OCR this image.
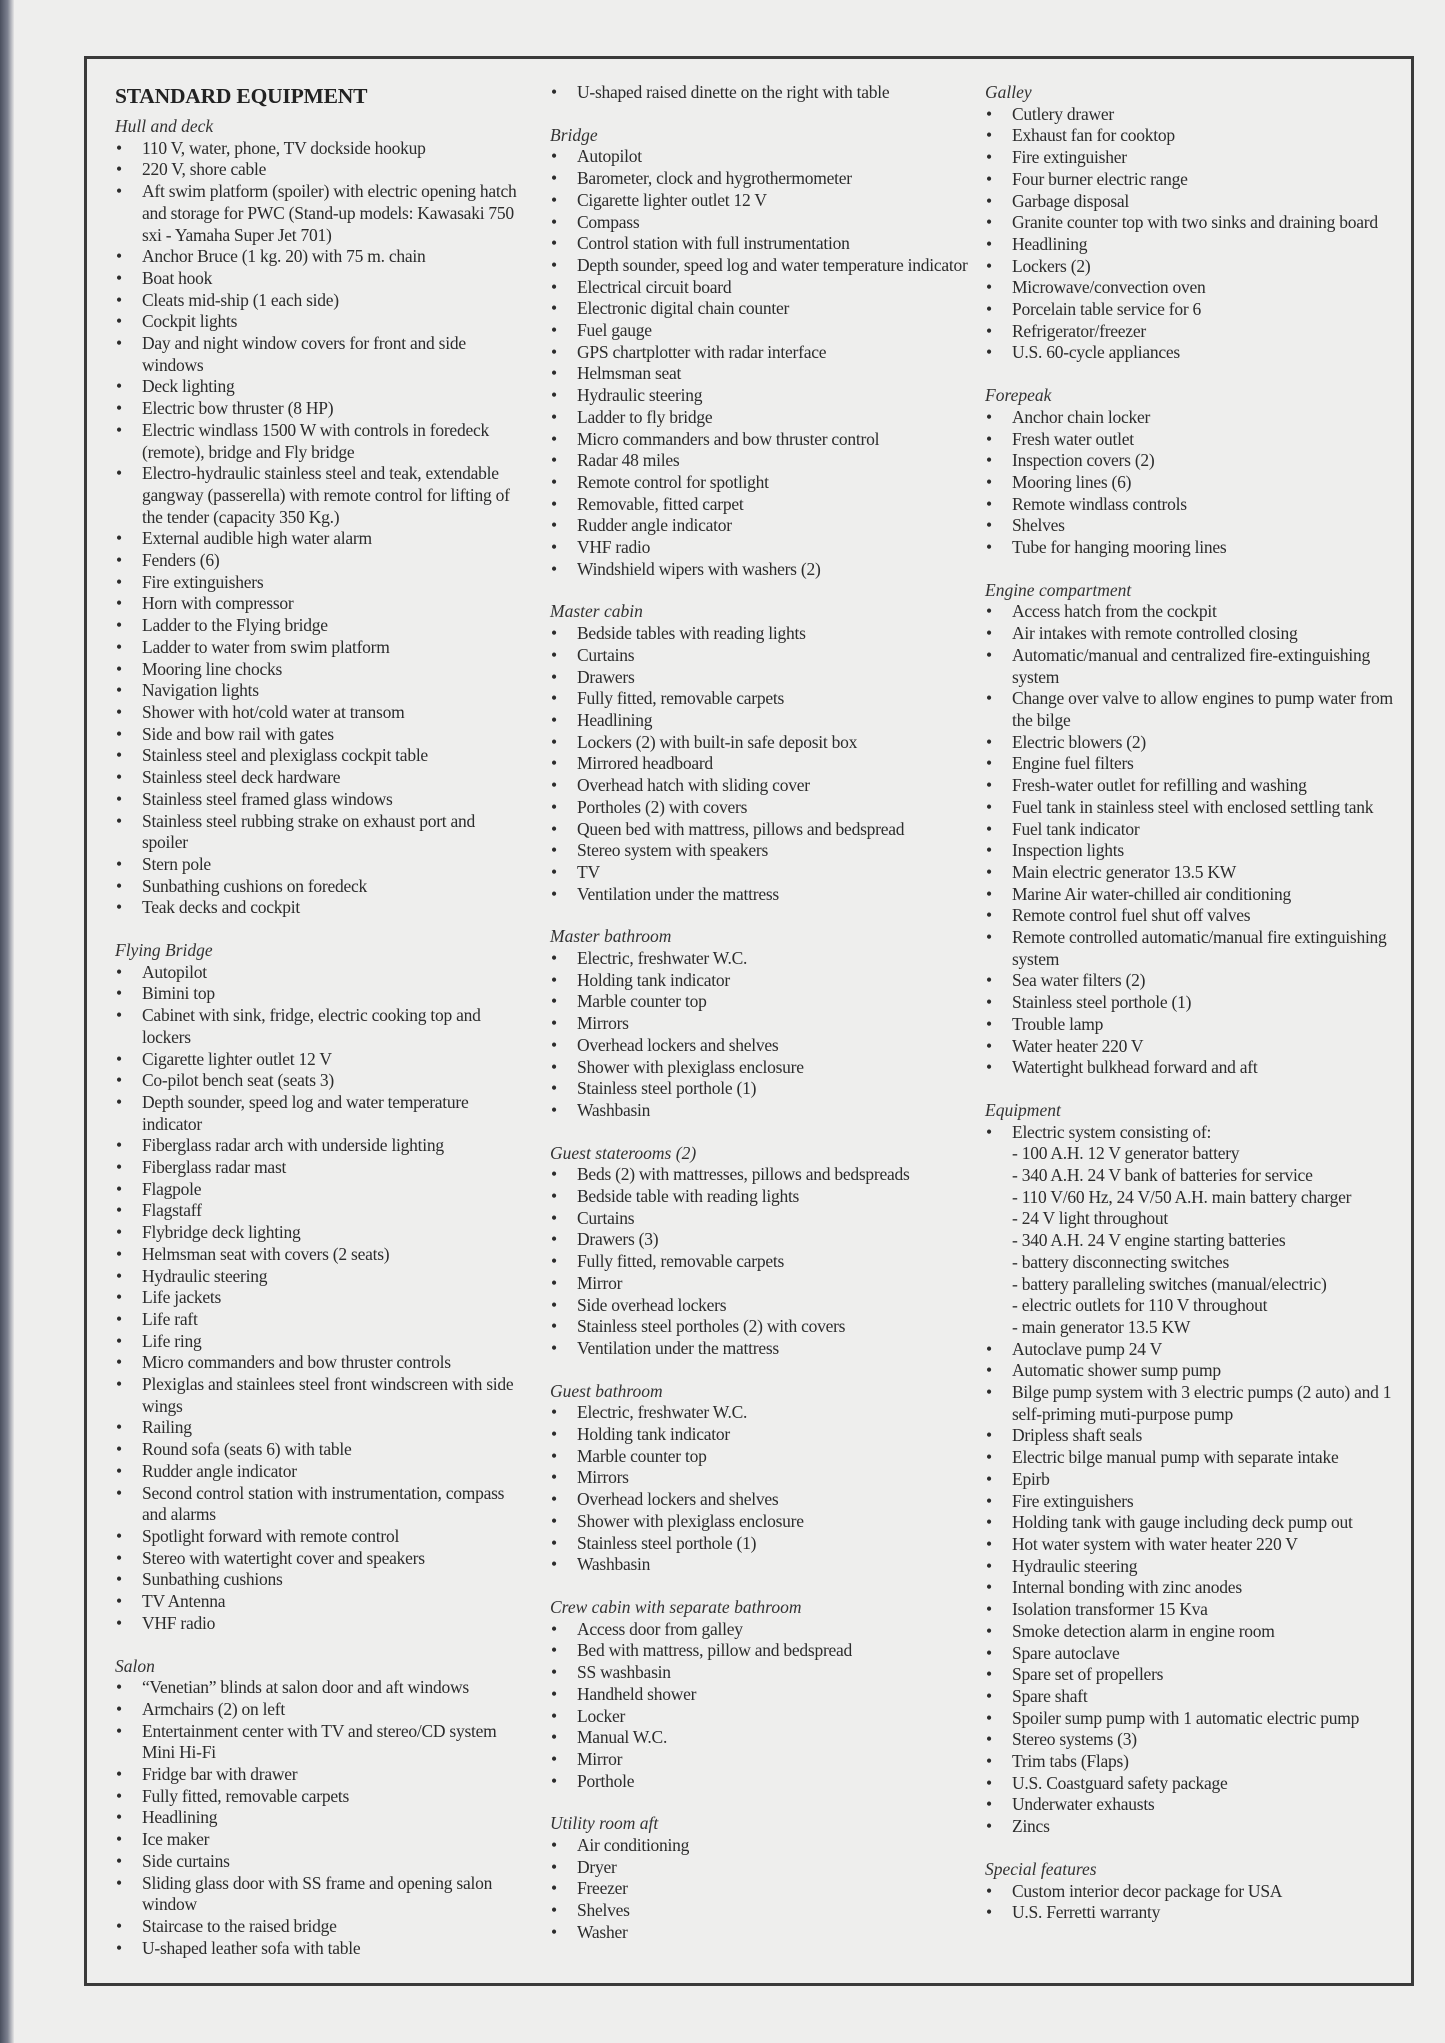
STANDARD EQUIPMENT
Hull and deck
• 110 V, water, phone, TV dockside hookup
• 220 V, shore cable
• Aft swim platform (spoiler) with electric opening hatch and storage for PWC (Stand-up models: Kawasaki 750 sxi - Yamaha Super Jet 701)
• Anchor Bruce (1 kg. 20) with 75 m. chain
• Boat hook
• Cleats mid-ship (1 each side)
• Cockpit lights
• Day and night window covers for front and side windows
• Deck lighting
• Electric bow thruster (8 HP)
• Electric windlass 1500 W with controls in foredeck (remote), bridge and Fly bridge
• Electro-hydraulic stainless steel and teak, extendable gangway (passerella) with remote control for lifting of the tender (capacity 350 Kg.)
• External audible high water alarm
• Fenders (6)
• Fire extinguishers
• Horn with compressor
• Ladder to the Flying bridge
• Ladder to water from swim platform
• Mooring line chocks
• Navigation lights
• Shower with hot/cold water at transom
• Side and bow rail with gates
• Stainless steel and plexiglass cockpit table
• Stainless steel deck hardware
• Stainless steel framed glass windows
• Stainless steel rubbing strake on exhaust port and spoiler
• Stern pole
• Sunbathing cushions on foredeck
• Teak decks and cockpit
Flying Bridge
• Autopilot
• Bimini top
• Cabinet with sink, fridge, electric cooking top and lockers
• Cigarette lighter outlet 12 V
• Co-pilot bench seat (seats 3)
• Depth sounder, speed log and water temperature indicator
• Fiberglass radar arch with underside lighting
• Fiberglass radar mast
• Flagpole
• Flagstaff
• Flybridge deck lighting
• Helmsman seat with covers (2 seats)
• Hydraulic steering
• Life jackets
• Life raft
• Life ring
• Micro commanders and bow thruster controls
• Plexiglas and stainlees steel front windscreen with side wings
• Railing
• Round sofa (seats 6) with table
• Rudder angle indicator
• Second control station with instrumentation, compass and alarms
• Spotlight forward with remote control
• Stereo with watertight cover and speakers
• Sunbathing cushions
• TV Antenna
• VHF radio
Salon
• “Venetian” blinds at salon door and aft windows
• Armchairs (2) on left
• Entertainment center with TV and stereo/CD system Mini Hi-Fi
• Fridge bar with drawer
• Fully fitted, removable carpets
• Headlining
• Ice maker
• Side curtains
• Sliding glass door with SS frame and opening salon window
• Staircase to the raised bridge
• U-shaped leather sofa with table
• U-shaped raised dinette on the right with table
Bridge
• Autopilot
• Barometer, clock and hygrothermometer
• Cigarette lighter outlet 12 V
• Compass
• Control station with full instrumentation
• Depth sounder, speed log and water temperature indicator
• Electrical circuit board
• Electronic digital chain counter
• Fuel gauge
• GPS chartplotter with radar interface
• Helmsman seat
• Hydraulic steering
• Ladder to fly bridge
• Micro commanders and bow thruster control
• Radar 48 miles
• Remote control for spotlight
• Removable, fitted carpet
• Rudder angle indicator
• VHF radio
• Windshield wipers with washers (2)
Master cabin
• Bedside tables with reading lights
• Curtains
• Drawers
• Fully fitted, removable carpets
• Headlining
• Lockers (2) with built-in safe deposit box
• Mirrored headboard
• Overhead hatch with sliding cover
• Portholes (2) with covers
• Queen bed with mattress, pillows and bedspread
• Stereo system with speakers
• TV
• Ventilation under the mattress
Master bathroom
• Electric, freshwater W.C.
• Holding tank indicator
• Marble counter top
• Mirrors
• Overhead lockers and shelves
• Shower with plexiglass enclosure
• Stainless steel porthole (1)
• Washbasin
Guest staterooms (2)
• Beds (2) with mattresses, pillows and bedspreads
• Bedside table with reading lights
• Curtains
• Drawers (3)
• Fully fitted, removable carpets
• Mirror
• Side overhead lockers
• Stainless steel portholes (2) with covers
• Ventilation under the mattress
Guest bathroom
• Electric, freshwater W.C.
• Holding tank indicator
• Marble counter top
• Mirrors
• Overhead lockers and shelves
• Shower with plexiglass enclosure
• Stainless steel porthole (1)
• Washbasin
Crew cabin with separate bathroom
• Access door from galley
• Bed with mattress, pillow and bedspread
• SS washbasin
• Handheld shower
• Locker
• Manual W.C.
• Mirror
• Porthole
Utility room aft
• Air conditioning
• Dryer
• Freezer
• Shelves
• Washer
Galley
• Cutlery drawer
• Exhaust fan for cooktop
• Fire extinguisher
• Four burner electric range
• Garbage disposal
• Granite counter top with two sinks and draining board
• Headlining
• Lockers (2)
• Microwave/convection oven
• Porcelain table service for 6
• Refrigerator/freezer
• U.S. 60-cycle appliances
Forepeak
• Anchor chain locker
• Fresh water outlet
• Inspection covers (2)
• Mooring lines (6)
• Remote windlass controls
• Shelves
• Tube for hanging mooring lines
Engine compartment
• Access hatch from the cockpit
• Air intakes with remote controlled closing
• Automatic/manual and centralized fire-extinguishing system
• Change over valve to allow engines to pump water from the bilge
• Electric blowers (2)
• Engine fuel filters
• Fresh-water outlet for refilling and washing
• Fuel tank in stainless steel with enclosed settling tank
• Fuel tank indicator
• Inspection lights
• Main electric generator 13.5 KW
• Marine Air water-chilled air conditioning
• Remote control fuel shut off valves
• Remote controlled automatic/manual fire extinguishing system
• Sea water filters (2)
• Stainless steel porthole (1)
• Trouble lamp
• Water heater 220 V
• Watertight bulkhead forward and aft
Equipment
• Electric system consisting of:
- 100 A.H. 12 V generator battery
- 340 A.H. 24 V bank of batteries for service
- 110 V/60 Hz, 24 V/50 A.H. main battery charger
- 24 V light throughout
- 340 A.H. 24 V engine starting batteries
- battery disconnecting switches
- battery paralleling switches (manual/electric)
- electric outlets for 110 V throughout
- main generator 13.5 KW
• Autoclave pump 24 V
• Automatic shower sump pump
• Bilge pump system with 3 electric pumps (2 auto) and 1 self-priming muti-purpose pump
• Dripless shaft seals
• Electric bilge manual pump with separate intake
• Epirb
• Fire extinguishers
• Holding tank with gauge including deck pump out
• Hot water system with water heater 220 V
• Hydraulic steering
• Internal bonding with zinc anodes
• Isolation transformer 15 Kva
• Smoke detection alarm in engine room
• Spare autoclave
• Spare set of propellers
• Spare shaft
• Spoiler sump pump with 1 automatic electric pump
• Stereo systems (3)
• Trim tabs (Flaps)
• U.S. Coastguard safety package
• Underwater exhausts
• Zincs
Special features
• Custom interior decor package for USA
• U.S. Ferretti warranty
